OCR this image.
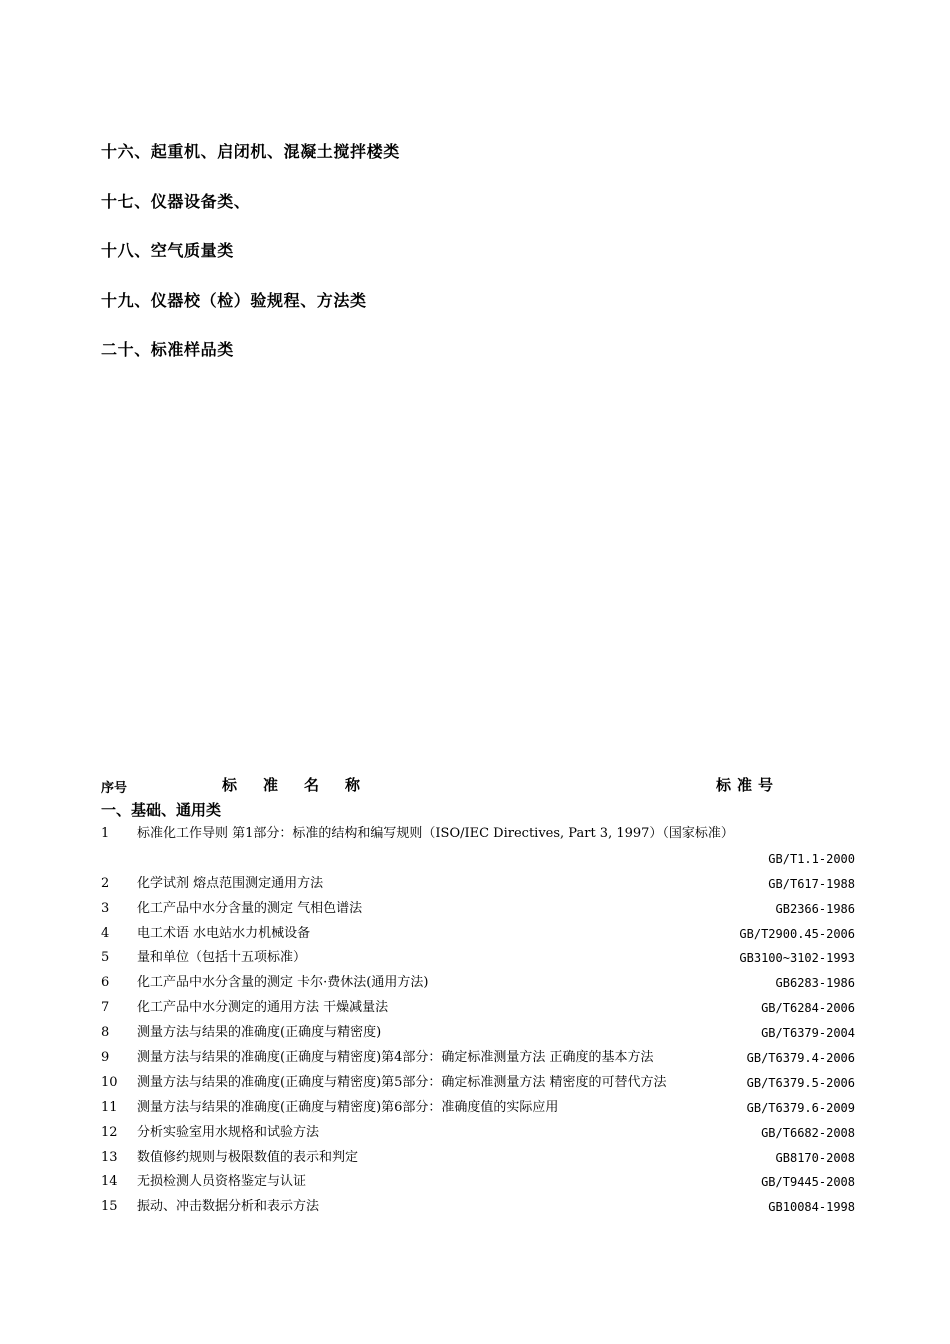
十六、起重机、启闭机、混凝土搅拌楼类
十七、仪器设备类、
十八、空气质量类
十九、仪器校（检）验规程、方法类
二十、标准样品类
序号	标准名称	标准号
一、基础、通用类
1 标准化工作导则 第1部分：标准的结构和编写规则（ISO/IEC Directives, Part 3, 1997）（国家标准）
GB/T1.1-2000
2 化学试剂 熔点范围测定通用方法	GB/T617-1988
3 化工产品中水分含量的测定 气相色谱法	GB2366-1986
4 电工术语 水电站水力机械设备	GB/T2900.45-2006
5 量和单位（包括十五项标准）	GB3100~3102-1993
6 化工产品中水分含量的测定 卡尔·费休法(通用方法)	GB6283-1986
7 化工产品中水分测定的通用方法 干燥减量法	GB/T6284-2006
8 测量方法与结果的准确度(正确度与精密度)	GB/T6379-2004
9 测量方法与结果的准确度(正确度与精密度)第4部分：确定标准测量方法 正确度的基本方法	GB/T6379.4-2006
10 测量方法与结果的准确度(正确度与精密度)第5部分：确定标准测量方法 精密度的可替代方法	GB/T6379.5-2006
11 测量方法与结果的准确度(正确度与精密度)第6部分：准确度值的实际应用	GB/T6379.6-2009
12 分析实验室用水规格和试验方法	GB/T6682-2008
13 数值修约规则与极限数值的表示和判定	GB8170-2008
14 无损检测人员资格鉴定与认证	GB/T9445-2008
15 振动、冲击数据分析和表示方法	GB10084-1998
